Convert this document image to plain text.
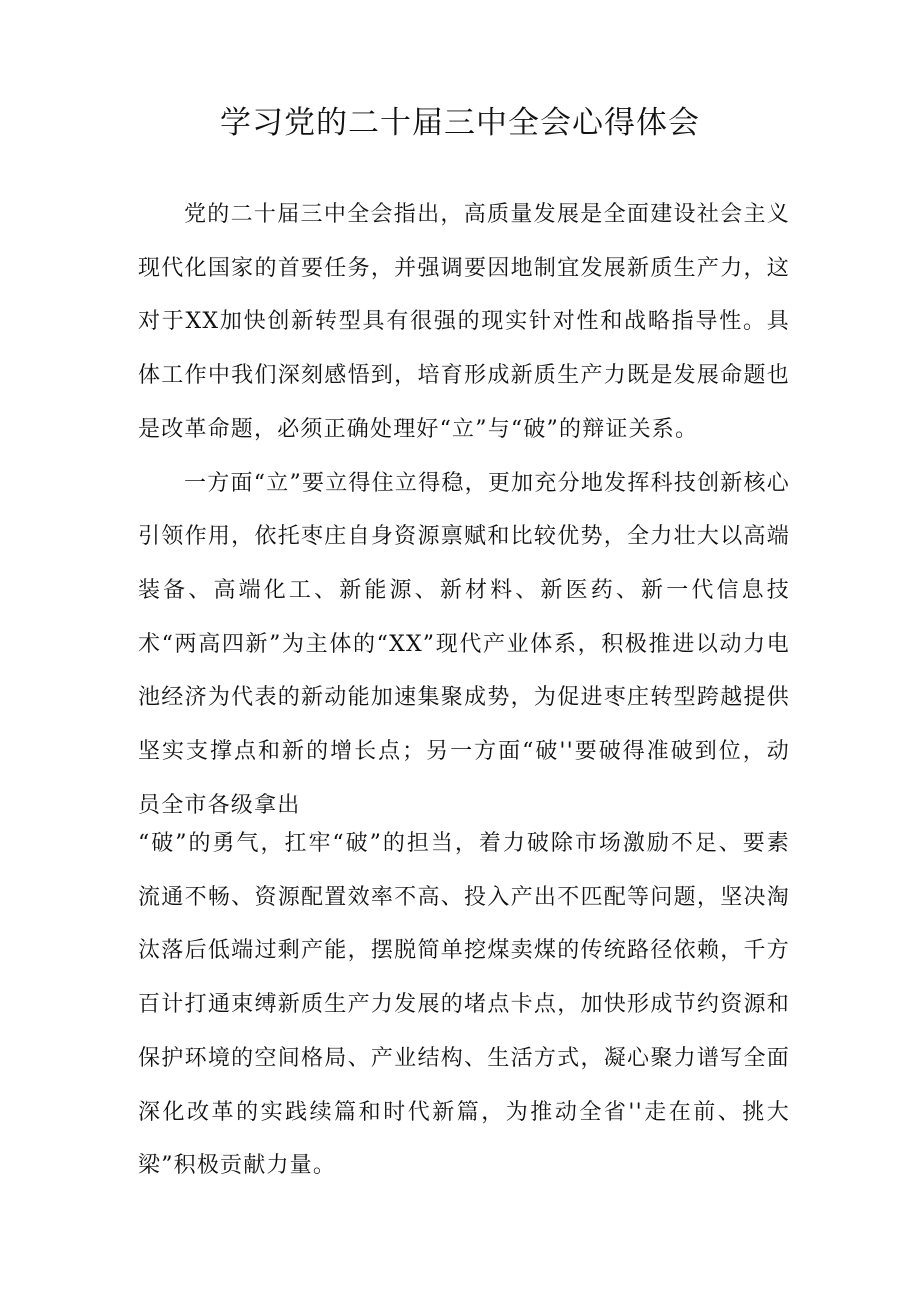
学习党的二十届三中全会心得体会

党的二十届三中全会指出，高质量发展是全面建设社会主义现代化国家的首要任务，并强调要因地制宜发展新质生产力，这对于XX加快创新转型具有很强的现实针对性和战略指导性。具体工作中我们深刻感悟到，培育形成新质生产力既是发展命题也是改革命题，必须正确处理好“立”与“破”的辩证关系。

一方面“立”要立得住立得稳，更加充分地发挥科技创新核心引领作用，依托枣庄自身资源禀赋和比较优势，全力壮大以高端装备、高端化工、新能源、新材料、新医药、新一代信息技术“两高四新”为主体的“XX”现代产业体系，积极推进以动力电池经济为代表的新动能加速集聚成势，为促进枣庄转型跨越提供坚实支撑点和新的增长点；另一方面“破''要破得准破到位，动员全市各级拿出

“破”的勇气，扛牢“破”的担当，着力破除市场激励不足、要素流通不畅、资源配置效率不高、投入产出不匹配等问题，坚决淘汰落后低端过剩产能，摆脱简单挖煤卖煤的传统路径依赖，千方百计打通束缚新质生产力发展的堵点卡点，加快形成节约资源和保护环境的空间格局、产业结构、生活方式，凝心聚力谱写全面深化改革的实践续篇和时代新篇，为推动全省''走在前、挑大梁”积极贡献力量。
